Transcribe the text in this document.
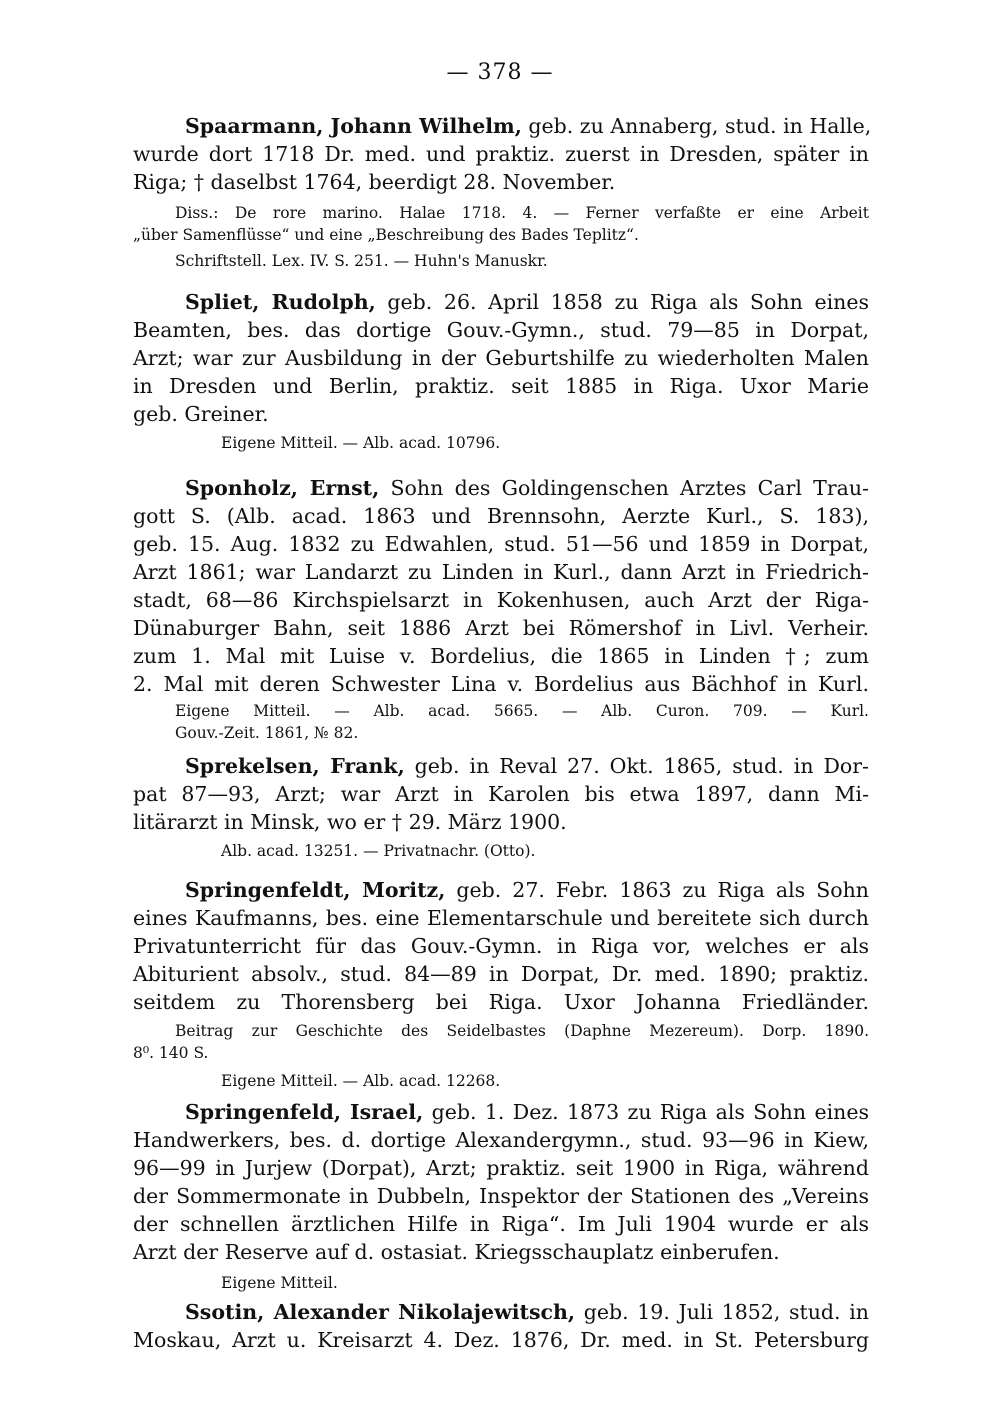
— 378 —
Spaarmann, Johann Wilhelm, geb. zu Annaberg, stud. in Halle,
wurde dort 1718 Dr. med. und praktiz. zuerst in Dresden, später in
Riga; † daselbst 1764, beerdigt 28. November.
Diss.: De rore marino. Halae 1718. 4. — Ferner verfaßte er eine Arbeit
„über Samenflüsse“ und eine „Beschreibung des Bades Teplitz“.
Schriftstell. Lex. IV. S. 251. — Huhn's Manuskr.
Spliet, Rudolph, geb. 26. April 1858 zu Riga als Sohn eines
Beamten, bes. das dortige Gouv.-Gymn., stud. 79—85 in Dorpat,
Arzt; war zur Ausbildung in der Geburtshilfe zu wiederholten Malen
in Dresden und Berlin, praktiz. seit 1885 in Riga. Uxor Marie
geb. Greiner.
Eigene Mitteil. — Alb. acad. 10796.
Sponholz, Ernst, Sohn des Goldingenschen Arztes Carl Trau-
gott S. (Alb. acad. 1863 und Brennsohn, Aerzte Kurl., S. 183),
geb. 15. Aug. 1832 zu Edwahlen, stud. 51—56 und 1859 in Dorpat,
Arzt 1861; war Landarzt zu Linden in Kurl., dann Arzt in Friedrich-
stadt, 68—86 Kirchspielsarzt in Kokenhusen, auch Arzt der Riga-
Dünaburger Bahn, seit 1886 Arzt bei Römershof in Livl. Verheir.
zum 1. Mal mit Luise v. Bordelius, die 1865 in Linden †; zum
2. Mal mit deren Schwester Lina v. Bordelius aus Bächhof in Kurl.
Eigene Mitteil. — Alb. acad. 5665. — Alb. Curon. 709. — Kurl.
Gouv.-Zeit. 1861, № 82.
Sprekelsen, Frank, geb. in Reval 27. Okt. 1865, stud. in Dor-
pat 87—93, Arzt; war Arzt in Karolen bis etwa 1897, dann Mi-
litärarzt in Minsk, wo er † 29. März 1900.
Alb. acad. 13251. — Privatnachr. (Otto).
Springenfeldt, Moritz, geb. 27. Febr. 1863 zu Riga als Sohn
eines Kaufmanns, bes. eine Elementarschule und bereitete sich durch
Privatunterricht für das Gouv.-Gymn. in Riga vor, welches er als
Abiturient absolv., stud. 84—89 in Dorpat, Dr. med. 1890; praktiz.
seitdem zu Thorensberg bei Riga. Uxor Johanna Friedländer.
Beitrag zur Geschichte des Seidelbastes (Daphne Mezereum). Dorp. 1890.
8⁰. 140 S.
Eigene Mitteil. — Alb. acad. 12268.
Springenfeld, Israel, geb. 1. Dez. 1873 zu Riga als Sohn eines
Handwerkers, bes. d. dortige Alexandergymn., stud. 93—96 in Kiew,
96—99 in Jurjew (Dorpat), Arzt; praktiz. seit 1900 in Riga, während
der Sommermonate in Dubbeln, Inspektor der Stationen des „Vereins
der schnellen ärztlichen Hilfe in Riga“. Im Juli 1904 wurde er als
Arzt der Reserve auf d. ostasiat. Kriegsschauplatz einberufen.
Eigene Mitteil.
Ssotin, Alexander Nikolajewitsch, geb. 19. Juli 1852, stud. in
Moskau, Arzt u. Kreisarzt 4. Dez. 1876, Dr. med. in St. Petersburg
